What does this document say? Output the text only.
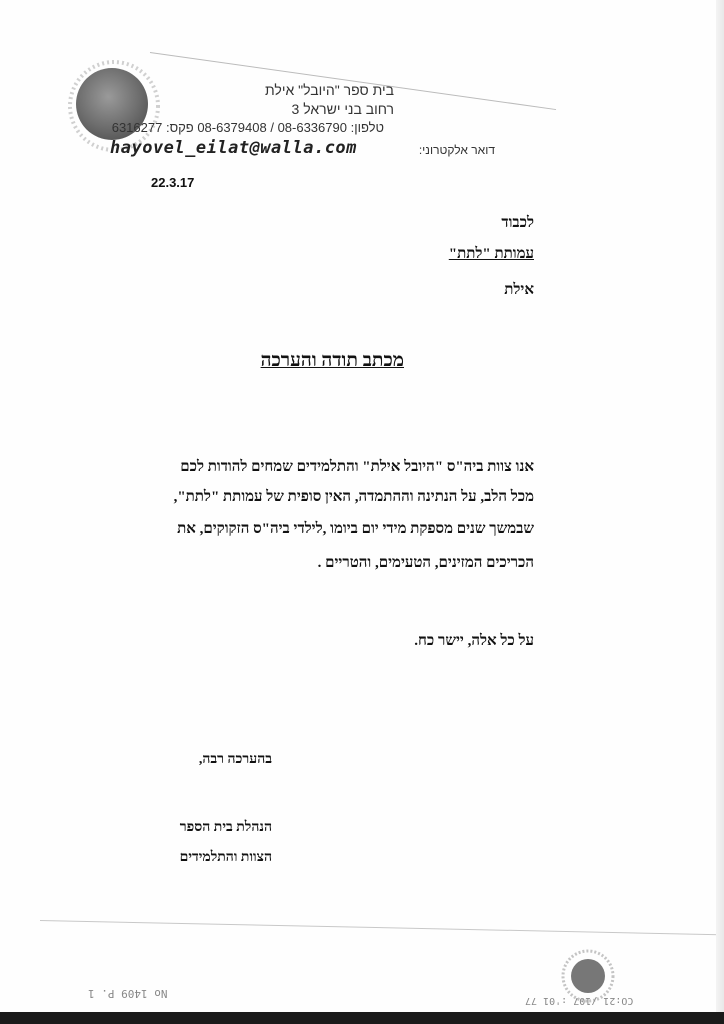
בית ספר "היובל" אילת
רחוב בני ישראל 3
טלפון: 08-6336790 / 08-6379408 פקס: 6316277
hayovel_eilat@walla.com	דואר אלקטרוני:
22.3.17
לכבוד
עמותת "לתת"
אילת
מכתב תודה והערכה
אנו צוות ביה"ס "היובל אילת" והתלמידים שמחים להודות לכם
מכל הלב, על הנתינה וההתמדה, האין סופית של עמותת "לתת",
שבמשך שנים מספקת מידי יום ביומו ,לילדי ביה"ס הזקוקים, את
הכריכים המזינים, הטעימים, והטריים .
על כל אלה, יישר כח.
בהערכה רבה,
הנהלת בית הספר
הצוות והתלמידים
No 1409 P. 1
CO:21 /107 :'01 77
